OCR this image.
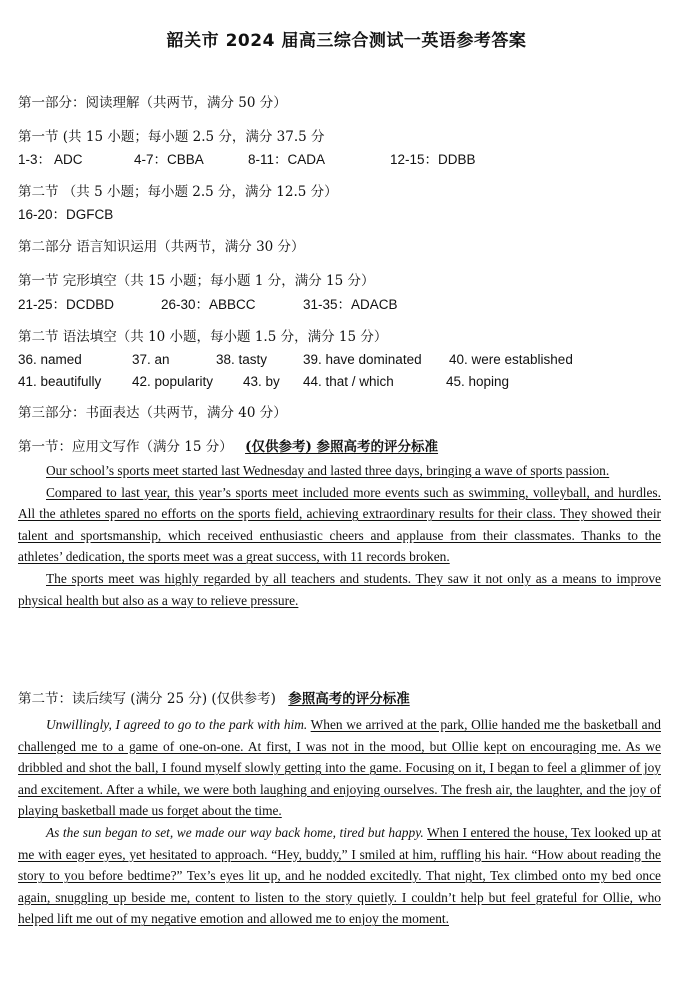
韶关市 2024 届高三综合测试一英语参考答案
第一部分：阅读理解（共两节，满分 50 分）
第一节 (共 15 小题；每小题 2.5 分，满分 37.5 分
1-3： ADC	4-7：CBBA	8-11：CADA	12-15：DDBB
第二节 （共 5 小题；每小题 2.5 分，满分 12.5 分）
16-20：DGFCB
第二部分 语言知识运用（共两节，满分 30 分）
第一节 完形填空（共 15 小题；每小题 1 分，满分 15 分）
21-25：DCDBD	26-30：ABBCC	31-35：ADACB
第二节 语法填空（共 10 小题，每小题 1.5 分，满分 15 分）
36. named	37. an	38. tasty	39. have dominated 40. were established
41. beautifully 42. popularity 43. by 44. that / which	45. hoping
第三部分：书面表达（共两节，满分 40 分）
第一节：应用文写作（满分 15 分） (仅供参考) 参照高考的评分标准

Our school’s sports meet started last Wednesday and lasted three days, bringing a wave of sports passion.

Compared to last year, this year’s sports meet included more events such as swimming, volleyball, and hurdles. All the athletes spared no efforts on the sports field, achieving extraordinary results for their class. They showed their talent and sportsmanship, which received enthusiastic cheers and applause from their classmates. Thanks to the athletes’ dedication, the sports meet was a great success, with 11 records broken.

The sports meet was highly regarded by all teachers and students. They saw it not only as a means to improve physical health but also as a way to relieve pressure.

第二节：读后续写 (满分 25 分) (仅供参考) 参照高考的评分标准

Unwillingly, I agreed to go to the park with him. When we arrived at the park, Ollie handed me the basketball and challenged me to a game of one-on-one. At first, I was not in the mood, but Ollie kept on encouraging me. As we dribbled and shot the ball, I found myself slowly getting into the game. Focusing on it, I began to feel a glimmer of joy and excitement. After a while, we were both laughing and enjoying ourselves. The fresh air, the laughter, and the joy of playing basketball made us forget about the time.

As the sun began to set, we made our way back home, tired but happy. When I entered the house, Tex looked up at me with eager eyes, yet hesitated to approach. “Hey, buddy,” I smiled at him, ruffling his hair. “How about reading the story to you before bedtime?” Tex’s eyes lit up, and he nodded excitedly. That night, Tex climbed onto my bed once again, snuggling up beside me, content to listen to the story quietly. I couldn’t help but feel grateful for Ollie, who helped lift me out of my negative emotion and allowed me to enjoy the moment.
